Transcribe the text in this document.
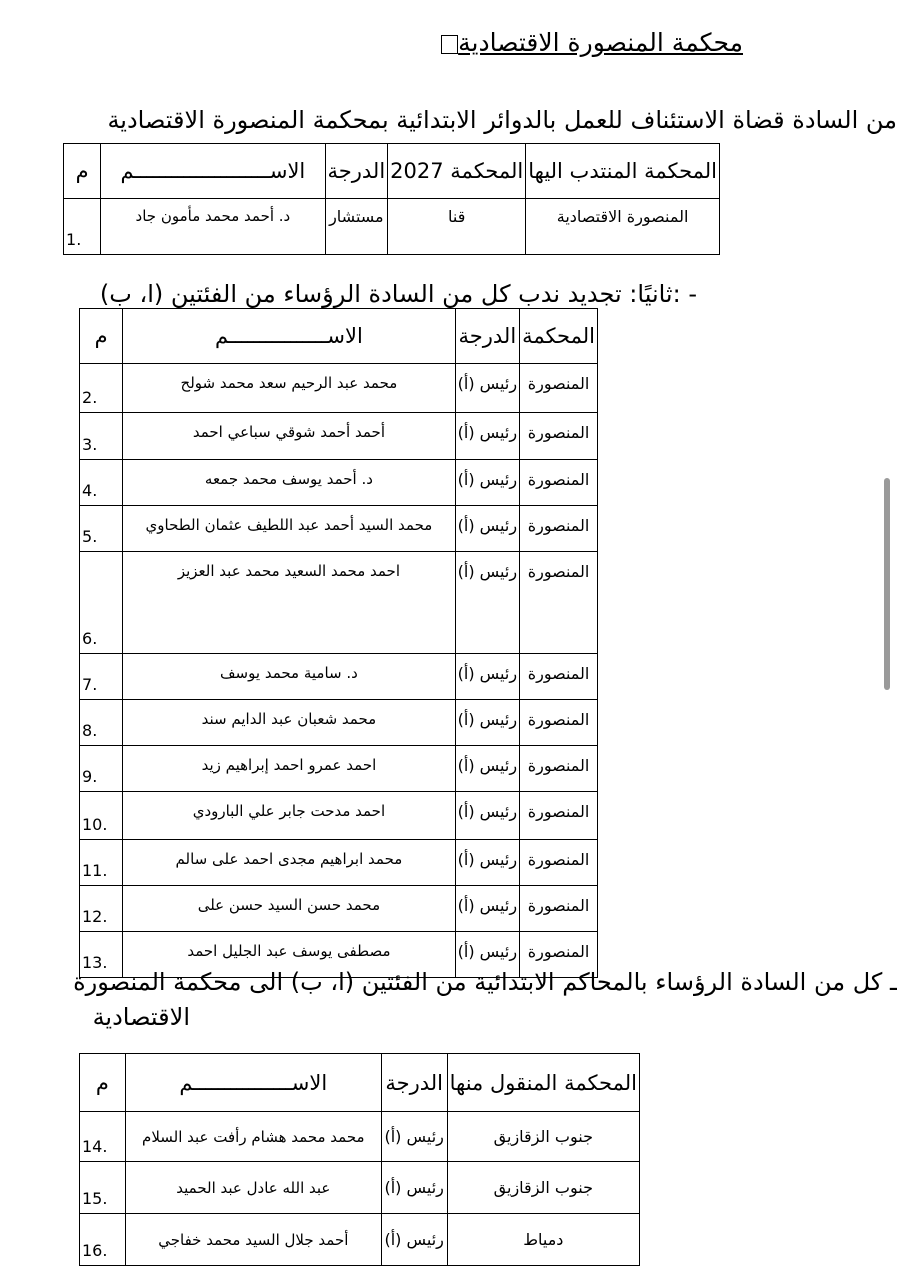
محكمة المنصورة الاقتصادية
من السادة قضاة الاستئناف للعمل بالدوائر الابتدائية بمحكمة المنصورة الاقتصادية
المحكمة المنتدب اليها	المحكمة 2027	الدرجة	الاســــــــــــــــــــــم	م
المنصورة الاقتصادية	قنا	مستشار	د. أحمد محمد مأمون جاد	.1
- :ثانيًا: تجديد ندب كل من السادة الرؤساء من الفئتين (ا، ب)
المحكمة	الدرجة	الاســــــــــــــــم	م
المنصورة	رئيس (أ)	محمد عبد الرحيم سعد محمد شولح	.2
المنصورة	رئيس (أ)	أحمد أحمد شوقي سباعي احمد	.3
المنصورة	رئيس (أ)	د. أحمد يوسف محمد جمعه	.4
المنصورة	رئيس (أ)	محمد السيد أحمد عبد اللطيف عثمان الطحاوي	.5
المنصورة	رئيس (أ)	احمد محمد السعيد محمد عبد العزيز	.6
المنصورة	رئيس (أ)	د. سامية محمد يوسف	.7
المنصورة	رئيس (أ)	محمد شعبان عبد الدايم سند	.8
المنصورة	رئيس (أ)	احمد عمرو احمد إبراهيم زيد	.9
المنصورة	رئيس (أ)	احمد مدحت جابر علي البارودي	.10
المنصورة	رئيس (أ)	محمد ابراهيم مجدى احمد على سالم	.11
المنصورة	رئيس (أ)	محمد حسن السيد حسن على	.12
المنصورة	رئيس (أ)	مصطفى يوسف عبد الجليل احمد	.13
ـ كل من السادة الرؤساء بالمحاكم الابتدائية من الفئتين (ا، ب) الى محكمة المنصورة
الاقتصادية
المحكمة المنقول منها	الدرجة	الاســــــــــــــــم	م
جنوب الزقازيق	رئيس (أ)	محمد محمد هشام رأفت عبد السلام	.14
جنوب الزقازيق	رئيس (أ)	عبد الله عادل عبد الحميد	.15
دمياط	رئيس (أ)	أحمد جلال السيد محمد خفاجي	.16
